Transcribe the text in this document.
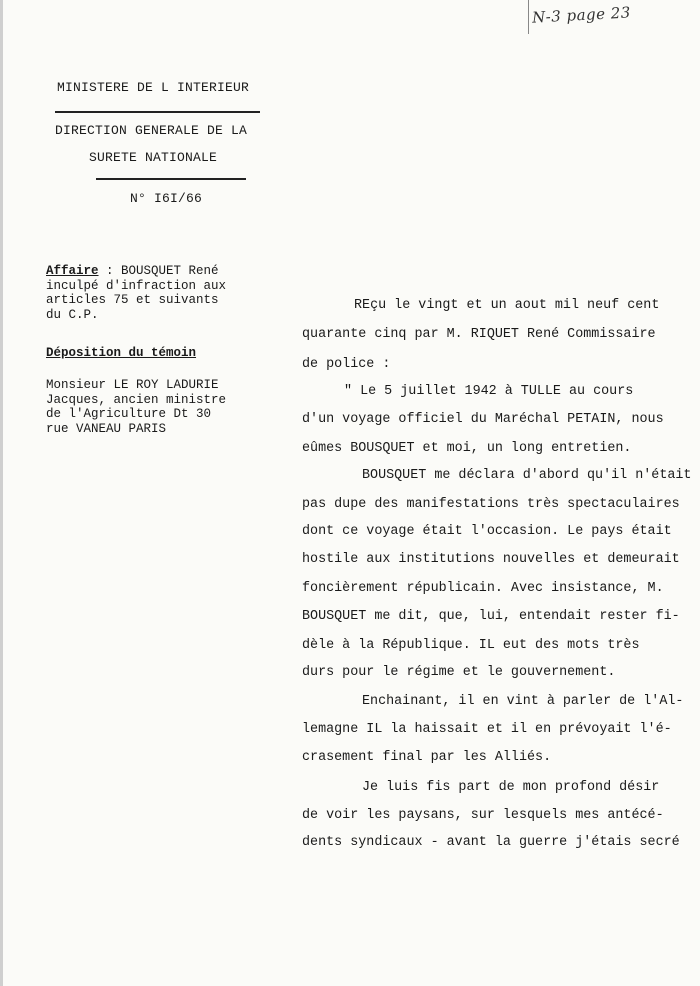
N-3 page 23
MINISTERE DE L INTERIEUR
DIRECTION GENERALE DE LA
SURETE NATIONALE
N° I6I/66
Affaire : BOUSQUET René
inculpé d'infraction aux
articles 75 et suivants
du C.P.
Déposition du témoin
Monsieur LE ROY LADURIE
Jacques, ancien ministre
de l'Agriculture Dt 30
rue VANEAU PARIS
REçu le vingt et un aout mil neuf cent
quarante cinq par M. RIQUET René Commissaire
de police :
" Le 5 juillet 1942 à TULLE au cours
d'un voyage officiel du Maréchal PETAIN, nous
eûmes BOUSQUET et moi, un long entretien.
BOUSQUET me déclara d'abord qu'il n'était
pas dupe des manifestations très spectaculaires
dont ce voyage était l'occasion. Le pays était
hostile aux institutions nouvelles et demeurait
foncièrement républicain. Avec insistance, M.
BOUSQUET me dit, que, lui, entendait rester fi-
dèle à la République. IL eut des mots très
durs pour le régime et le gouvernement.
Enchainant, il en vint à parler de l'Al-
lemagne IL la haissait et il en prévoyait l'é-
crasement final par les Alliés.
Je luis fis part de mon profond désir
de voir les paysans, sur lesquels mes antécé-
dents syndicaux - avant la guerre j'étais secré
